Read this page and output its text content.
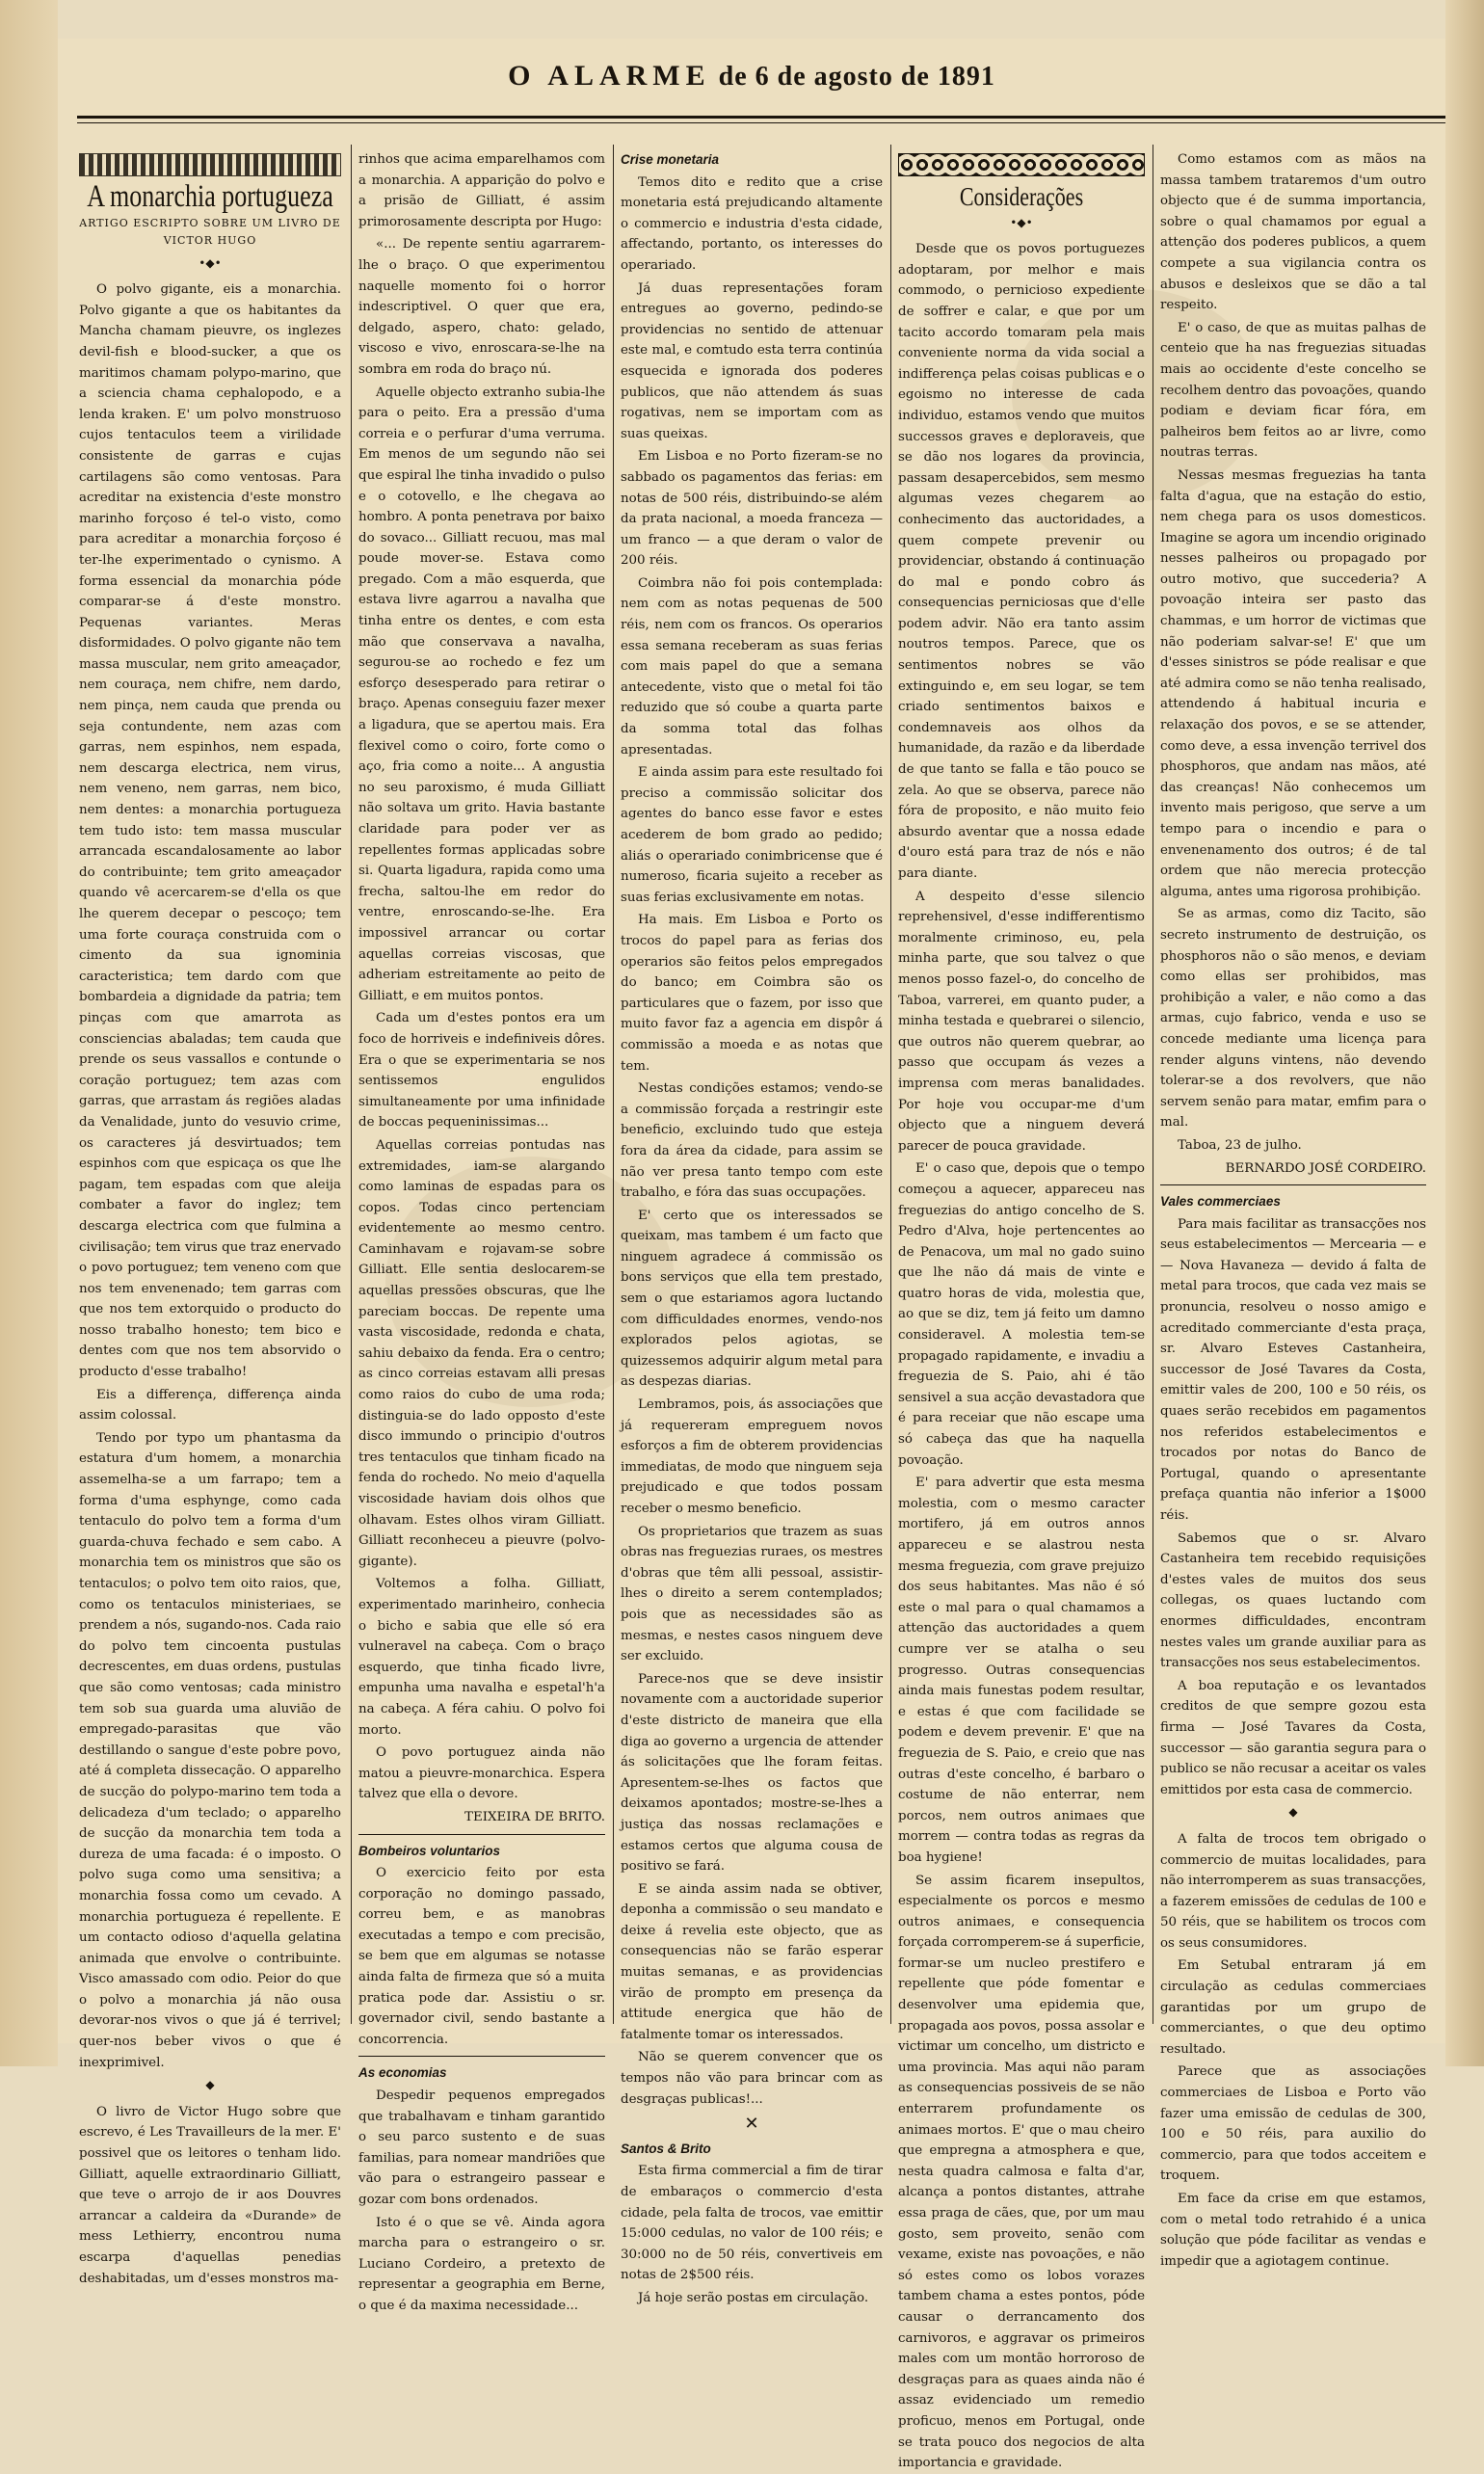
O ALARME de 6 de agosto de 1891
A monarchia portugueza
ARTIGO ESCRIPTO SOBRE UM LIVRO DE VICTOR HUGO
•◆•

O polvo gigante, eis a monarchia. Polvo gigante a que os habitantes da Mancha chamam pieuvre, os inglezes devil-fish e blood-sucker, a que os maritimos chamam polypo-marino, que a sciencia chama cephalopodo, e a lenda kraken. E' um polvo monstruoso cujos tentaculos teem a virilidade consistente de garras e cujas cartilagens são como ventosas. Para acreditar na existencia d'este monstro marinho forçoso é tel-o visto, como para acreditar a monarchia forçoso é ter-lhe experimentado o cynismo. A forma essencial da monarchia póde comparar-se á d'este monstro. Pequenas variantes. Meras disformidades. O polvo gigante não tem massa muscular, nem grito ameaçador, nem couraça, nem chifre, nem dardo, nem pinça, nem cauda que prenda ou seja contundente, nem azas com garras, nem espinhos, nem espada, nem descarga electrica, nem virus, nem veneno, nem garras, nem bico, nem dentes: a monarchia portugueza tem tudo isto: tem massa muscular arrancada escandalosamente ao labor do contribuinte; tem grito ameaçador quando vê acercarem-se d'ella os que lhe querem decepar o pescoço; tem uma forte couraça construida com o cimento da sua ignominia caracteristica; tem dardo com que bombardeia a dignidade da patria; tem pinças com que amarrota as consciencias abaladas; tem cauda que prende os seus vassallos e contunde o coração portuguez; tem azas com garras, que arrastam ás regiões aladas da Venalidade, junto do vesuvio crime, os caracteres já desvirtuados; tem espinhos com que espicaça os que lhe pagam, tem espadas com que aleija combater a favor do inglez; tem descarga electrica com que fulmina a civilisação; tem virus que traz enervado o povo portuguez; tem veneno com que nos tem envenenado; tem garras com que nos tem extorquido o producto do nosso trabalho honesto; tem bico e dentes com que nos tem absorvido o producto d'esse trabalho!

Eis a differença, differença ainda assim colossal.

Tendo por typo um phantasma da estatura d'um homem, a monarchia assemelha-se a um farrapo; tem a forma d'uma esphynge, como cada tentaculo do polvo tem a forma d'um guarda-chuva fechado e sem cabo. A monarchia tem os ministros que são os tentaculos; o polvo tem oito raios, que, como os tentaculos ministeriaes, se prendem a nós, sugando-nos. Cada raio do polvo tem cincoenta pustulas decrescentes, em duas ordens, pustulas que são como ventosas; cada ministro tem sob sua guarda uma aluvião de empregado-parasitas que vão destillando o sangue d'este pobre povo, até á completa dissecação. O apparelho de sucção do polypo-marino tem toda a delicadeza d'um teclado; o apparelho de sucção da monarchia tem toda a dureza de uma facada: é o imposto. O polvo suga como uma sensitiva; a monarchia fossa como um cevado. A monarchia portugueza é repellente. E um contacto odioso d'aquella gelatina animada que envolve o contribuinte. Visco amassado com odio. Peior do que o polvo a monarchia já não ousa devorar-nos vivos o que já é terrivel; quer-nos beber vivos o que é inexprimivel.

◆

O livro de Victor Hugo sobre que escrevo, é Les Travailleurs de la mer. E' possivel que os leitores o tenham lido. Gilliatt, aquelle extraordinario Gilliatt, que teve o arrojo de ir aos Douvres arrancar a caldeira da «Durande» de mess Lethierry, encontrou numa escarpa d'aquellas penedias deshabitadas, um d'esses monstros ma-

rinhos que acima emparelhamos com a monarchia. A apparição do polvo e a prisão de Gilliatt, é assim primorosamente descripta por Hugo:

«... De repente sentiu agarrarem-lhe o braço. O que experimentou naquelle momento foi o horror indescriptivel. O quer que era, delgado, aspero, chato: gelado, viscoso e vivo, enroscara-se-lhe na sombra em roda do braço nú.

Aquelle objecto extranho subia-lhe para o peito. Era a pressão d'uma correia e o perfurar d'uma verruma. Em menos de um segundo não sei que espiral lhe tinha invadido o pulso e o cotovello, e lhe chegava ao hombro. A ponta penetrava por baixo do sovaco... Gilliatt recuou, mas mal poude mover-se. Estava como pregado. Com a mão esquerda, que estava livre agarrou a navalha que tinha entre os dentes, e com esta mão que conservava a navalha, segurou-se ao rochedo e fez um esforço desesperado para retirar o braço. Apenas conseguiu fazer mexer a ligadura, que se apertou mais. Era flexivel como o coiro, forte como o aço, fria como a noite... A angustia no seu paroxismo, é muda Gilliatt não soltava um grito. Havia bastante claridade para poder ver as repellentes formas applicadas sobre si. Quarta ligadura, rapida como uma frecha, saltou-lhe em redor do ventre, enroscando-se-lhe. Era impossivel arrancar ou cortar aquellas correias viscosas, que adheriam estreitamente ao peito de Gilliatt, e em muitos pontos.

Cada um d'estes pontos era um foco de horriveis e indefiniveis dôres. Era o que se experimentaria se nos sentissemos engulidos simultaneamente por uma infinidade de boccas pequeninissimas...

Aquellas correias pontudas nas extremidades, iam-se alargando como laminas de espadas para os copos. Todas cinco pertenciam evidentemente ao mesmo centro. Caminhavam e rojavam-se sobre Gilliatt. Elle sentia deslocarem-se aquellas pressões obscuras, que lhe pareciam boccas. De repente uma vasta viscosidade, redonda e chata, sahiu debaixo da fenda. Era o centro; as cinco correias estavam alli presas como raios do cubo de uma roda; distinguia-se do lado opposto d'este disco immundo o principio d'outros tres tentaculos que tinham ficado na fenda do rochedo. No meio d'aquella viscosidade haviam dois olhos que olhavam. Estes olhos viram Gilliatt. Gilliatt reconheceu a pieuvre (polvo-gigante).

Voltemos a folha. Gilliatt, experimentado marinheiro, conhecia o bicho e sabia que elle só era vulneravel na cabeça. Com o braço esquerdo, que tinha ficado livre, empunha uma navalha e espetal'h'a na cabeça. A féra cahiu. O polvo foi morto.

O povo portuguez ainda não matou a pieuvre-monarchica. Espera talvez que ella o devore.

TEIXEIRA DE BRITO.

Bombeiros voluntarios

O exercicio feito por esta corporação no domingo passado, correu bem, e as manobras executadas a tempo e com precisão, se bem que em algumas se notasse ainda falta de firmeza que só a muita pratica pode dar. Assistiu o sr. governador civil, sendo bastante a concorrencia.

As economias

Despedir pequenos empregados que trabalhavam e tinham garantido o seu parco sustento e de suas familias, para nomear mandriões que vão para o estrangeiro passear e gozar com bons ordenados.

Isto é o que se vê. Ainda agora marcha para o estrangeiro o sr. Luciano Cordeiro, a pretexto de representar a geographia em Berne, o que é da maxima necessidade...

Crise monetaria

Temos dito e redito que a crise monetaria está prejudicando altamente o commercio e industria d'esta cidade, affectando, portanto, os interesses do operariado.

Já duas representações foram entregues ao governo, pedindo-se providencias no sentido de attenuar este mal, e comtudo esta terra continúa esquecida e ignorada dos poderes publicos, que não attendem ás suas rogativas, nem se importam com as suas queixas.

Em Lisboa e no Porto fizeram-se no sabbado os pagamentos das ferias: em notas de 500 réis, distribuindo-se além da prata nacional, a moeda franceza — um franco — a que deram o valor de 200 réis.

Coimbra não foi pois contemplada: nem com as notas pequenas de 500 réis, nem com os francos. Os operarios essa semana receberam as suas ferias com mais papel do que a semana antecedente, visto que o metal foi tão reduzido que só coube a quarta parte da somma total das folhas apresentadas.

E ainda assim para este resultado foi preciso a commissão solicitar dos agentes do banco esse favor e estes acederem de bom grado ao pedido; aliás o operariado conimbricense que é numeroso, ficaria sujeito a receber as suas ferias exclusivamente em notas.

Ha mais. Em Lisboa e Porto os trocos do papel para as ferias dos operarios são feitos pelos empregados do banco; em Coimbra são os particulares que o fazem, por isso que muito favor faz a agencia em dispôr á commissão a moeda e as notas que tem.

Nestas condições estamos; vendo-se a commissão forçada a restringir este beneficio, excluindo tudo que esteja fora da área da cidade, para assim se não ver presa tanto tempo com este trabalho, e fóra das suas occupações.

E' certo que os interessados se queixam, mas tambem é um facto que ninguem agradece á commissão os bons serviços que ella tem prestado, sem o que estariamos agora luctando com difficuldades enormes, vendo-nos explorados pelos agiotas, se quizessemos adquirir algum metal para as despezas diarias.

Lembramos, pois, ás associações que já requereram empreguem novos esforços a fim de obterem providencias immediatas, de modo que ninguem seja prejudicado e que todos possam receber o mesmo beneficio.

Os proprietarios que trazem as suas obras nas freguezias ruraes, os mestres d'obras que têm alli pessoal, assistir-lhes o direito a serem contemplados; pois que as necessidades são as mesmas, e nestes casos ninguem deve ser excluido.

Parece-nos que se deve insistir novamente com a auctoridade superior d'este districto de maneira que ella diga ao governo a urgencia de attender ás solicitações que lhe foram feitas. Apresentem-se-lhes os factos que deixamos apontados; mostre-se-lhes a justiça das nossas reclamações e estamos certos que alguma cousa de positivo se fará.

E se ainda assim nada se obtiver, deponha a commissão o seu mandato e deixe á revelia este objecto, que as consequencias não se farão esperar muitas semanas, e as providencias virão de prompto em presença da attitude energica que hão de fatalmente tomar os interessados.

Não se querem convencer que os tempos não vão para brincar com as desgraças publicas!...

✕

Santos & Brito

Esta firma commercial a fim de tirar de embaraços o commercio d'esta cidade, pela falta de trocos, vae emittir 15:000 cedulas, no valor de 100 réis; e 30:000 no de 50 réis, convertiveis em notas de 2$500 réis.

Já hoje serão postas em circulação.

Considerações
•◆•

Desde que os povos portuguezes adoptaram, por melhor e mais commodo, o pernicioso expediente de soffrer e calar, e que por um tacito accordo tomaram pela mais conveniente norma da vida social a indifferença pelas coisas publicas e o egoismo no interesse de cada individuo, estamos vendo que muitos successos graves e deploraveis, que se dão nos logares da provincia, passam desapercebidos, sem mesmo algumas vezes chegarem ao conhecimento das auctoridades, a quem compete prevenir ou providenciar, obstando á continuação do mal e pondo cobro ás consequencias perniciosas que d'elle podem advir. Não era tanto assim noutros tempos. Parece, que os sentimentos nobres se vão extinguindo e, em seu logar, se tem criado sentimentos baixos e condemnaveis aos olhos da humanidade, da razão e da liberdade de que tanto se falla e tão pouco se zela. Ao que se observa, parece não fóra de proposito, e não muito feio absurdo aventar que a nossa edade d'ouro está para traz de nós e não para diante.

A despeito d'esse silencio reprehensivel, d'esse indifferentismo moralmente criminoso, eu, pela minha parte, que sou talvez o que menos posso fazel-o, do concelho de Taboa, varrerei, em quanto puder, a minha testada e quebrarei o silencio, que outros não querem quebrar, ao passo que occupam ás vezes a imprensa com meras banalidades. Por hoje vou occupar-me d'um objecto que a ninguem deverá parecer de pouca gravidade.

E' o caso que, depois que o tempo começou a aquecer, appareceu nas freguezias do antigo concelho de S. Pedro d'Alva, hoje pertencentes ao de Penacova, um mal no gado suino que lhe não dá mais de vinte e quatro horas de vida, molestia que, ao que se diz, tem já feito um damno consideravel. A molestia tem-se propagado rapidamente, e invadiu a freguezia de S. Paio, ahi é tão sensivel a sua acção devastadora que é para receiar que não escape uma só cabeça das que ha naquella povoação.

E' para advertir que esta mesma molestia, com o mesmo caracter mortifero, já em outros annos appareceu e se alastrou nesta mesma freguezia, com grave prejuizo dos seus habitantes. Mas não é só este o mal para o qual chamamos a attenção das auctoridades a quem cumpre ver se atalha o seu progresso. Outras consequencias ainda mais funestas podem resultar, e estas é que com facilidade se podem e devem prevenir. E' que na freguezia de S. Paio, e creio que nas outras d'este concelho, é barbaro o costume de não enterrar, nem porcos, nem outros animaes que morrem — contra todas as regras da boa hygiene!

Se assim ficarem insepultos, especialmente os porcos e mesmo outros animaes, e consequencia forçada corromperem-se á superficie, formar-se um nucleo prestifero e repellente que póde fomentar e desenvolver uma epidemia que, propagada aos povos, possa assolar e victimar um concelho, um districto e uma provincia. Mas aqui não param as consequencias possiveis de se não enterrarem profundamente os animaes mortos. E' que o mau cheiro que empregna a atmosphera e que, nesta quadra calmosa e falta d'ar, alcança a pontos distantes, attrahe essa praga de cães, que, por um mau gosto, sem proveito, senão com vexame, existe nas povoações, e não só estes como os lobos vorazes tambem chama a estes pontos, póde causar o derrancamento dos carnivoros, e aggravar os primeiros males com um montão horroroso de desgraças para as quaes ainda não é assaz evidenciado um remedio proficuo, menos em Portugal, onde se trata pouco dos negocios de alta importancia e gravidade.

Como estamos com as mãos na massa tambem trataremos d'um outro objecto que é de summa importancia, sobre o qual chamamos por egual a attenção dos poderes publicos, a quem compete a sua vigilancia contra os abusos e desleixos que se dão a tal respeito.

E' o caso, de que as muitas palhas de centeio que ha nas freguezias situadas mais ao occidente d'este concelho se recolhem dentro das povoações, quando podiam e deviam ficar fóra, em palheiros bem feitos ao ar livre, como noutras terras.

Nessas mesmas freguezias ha tanta falta d'agua, que na estação do estio, nem chega para os usos domesticos. Imagine se agora um incendio originado nesses palheiros ou propagado por outro motivo, que succederia? A povoação inteira ser pasto das chammas, e um horror de victimas que não poderiam salvar-se! E' que um d'esses sinistros se póde realisar e que até admira como se não tenha realisado, attendendo á habitual incuria e relaxação dos povos, e se se attender, como deve, a essa invenção terrivel dos phosphoros, que andam nas mãos, até das creanças! Não conhecemos um invento mais perigoso, que serve a um tempo para o incendio e para o envenenamento dos outros; é de tal ordem que não merecia protecção alguma, antes uma rigorosa prohibição.

Se as armas, como diz Tacito, são secreto instrumento de destruição, os phosphoros não o são menos, e deviam como ellas ser prohibidos, mas prohibição a valer, e não como a das armas, cujo fabrico, venda e uso se concede mediante uma licença para render alguns vintens, não devendo tolerar-se a dos revolvers, que não servem senão para matar, emfim para o mal.

Taboa, 23 de julho.

BERNARDO JOSÉ CORDEIRO.

Vales commerciaes

Para mais facilitar as transacções nos seus estabelecimentos — Mercearia — e — Nova Havaneza — devido á falta de metal para trocos, que cada vez mais se pronuncia, resolveu o nosso amigo e acreditado commerciante d'esta praça, sr. Alvaro Esteves Castanheira, successor de José Tavares da Costa, emittir vales de 200, 100 e 50 réis, os quaes serão recebidos em pagamentos nos referidos estabelecimentos e trocados por notas do Banco de Portugal, quando o apresentante prefaça quantia não inferior a 1$000 réis.

Sabemos que o sr. Alvaro Castanheira tem recebido requisições d'estes vales de muitos dos seus collegas, os quaes luctando com enormes difficuldades, encontram nestes vales um grande auxiliar para as transacções nos seus estabelecimentos.

A boa reputação e os levantados creditos de que sempre gozou esta firma — José Tavares da Costa, successor — são garantia segura para o publico se não recusar a aceitar os vales emittidos por esta casa de commercio.

◆

A falta de trocos tem obrigado o commercio de muitas localidades, para não interromperem as suas transacções, a fazerem emissões de cedulas de 100 e 50 réis, que se habilitem os trocos com os seus consumidores.

Em Setubal entraram já em circulação as cedulas commerciaes garantidas por um grupo de commerciantes, o que deu optimo resultado.

Parece que as associações commerciaes de Lisboa e Porto vão fazer uma emissão de cedulas de 300, 100 e 50 réis, para auxilio do commercio, para que todos acceitem e troquem.

Em face da crise em que estamos, com o metal todo retrahido é a unica solução que póde facilitar as vendas e impedir que a agiotagem continue.
